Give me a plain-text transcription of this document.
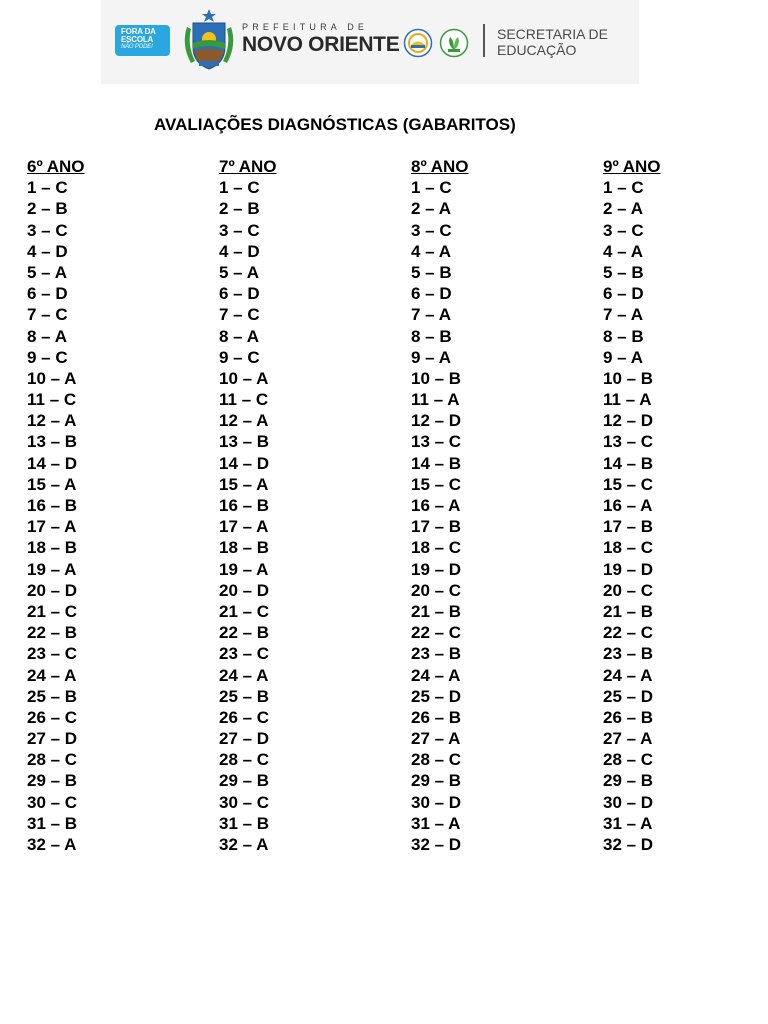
FORA DA
ESCOLA
NÃO PODE!
PREFEITURA DE
NOVO ORIENTE	SECRETARIA DE
EDUCAÇÃO
AVALIAÇÕES DIAGNÓSTICAS (GABARITOS)
6º ANO
1 – C
2 – B
3 – C
4 – D
5 – A
6 – D
7 – C
8 – A
9 – C
10 – A
11 – C
12 – A
13 – B
14 – D
15 – A
16 – B
17 – A
18 – B
19 – A
20 – D
21 – C
22 – B
23 – C
24 – A
25 – B
26 – C
27 – D
28 – C
29 – B
30 – C
31 – B
32 – A
7º ANO
1 – C
2 – B
3 – C
4 – D
5 – A
6 – D
7 – C
8 – A
9 – C
10 – A
11 – C
12 – A
13 – B
14 – D
15 – A
16 – B
17 – A
18 – B
19 – A
20 – D
21 – C
22 – B
23 – C
24 – A
25 – B
26 – C
27 – D
28 – C
29 – B
30 – C
31 – B
32 – A
8º ANO
1 – C
2 – A
3 – C
4 – A
5 – B
6 – D
7 – A
8 – B
9 – A
10 – B
11 – A
12 – D
13 – C
14 – B
15 – C
16 – A
17 – B
18 – C
19 – D
20 – C
21 – B
22 – C
23 – B
24 – A
25 – D
26 – B
27 – A
28 – C
29 – B
30 – D
31 – A
32 – D
9º ANO
1 – C
2 – A
3 – C
4 – A
5 – B
6 – D
7 – A
8 – B
9 – A
10 – B
11 – A
12 – D
13 – C
14 – B
15 – C
16 – A
17 – B
18 – C
19 – D
20 – C
21 – B
22 – C
23 – B
24 – A
25 – D
26 – B
27 – A
28 – C
29 – B
30 – D
31 – A
32 – D
